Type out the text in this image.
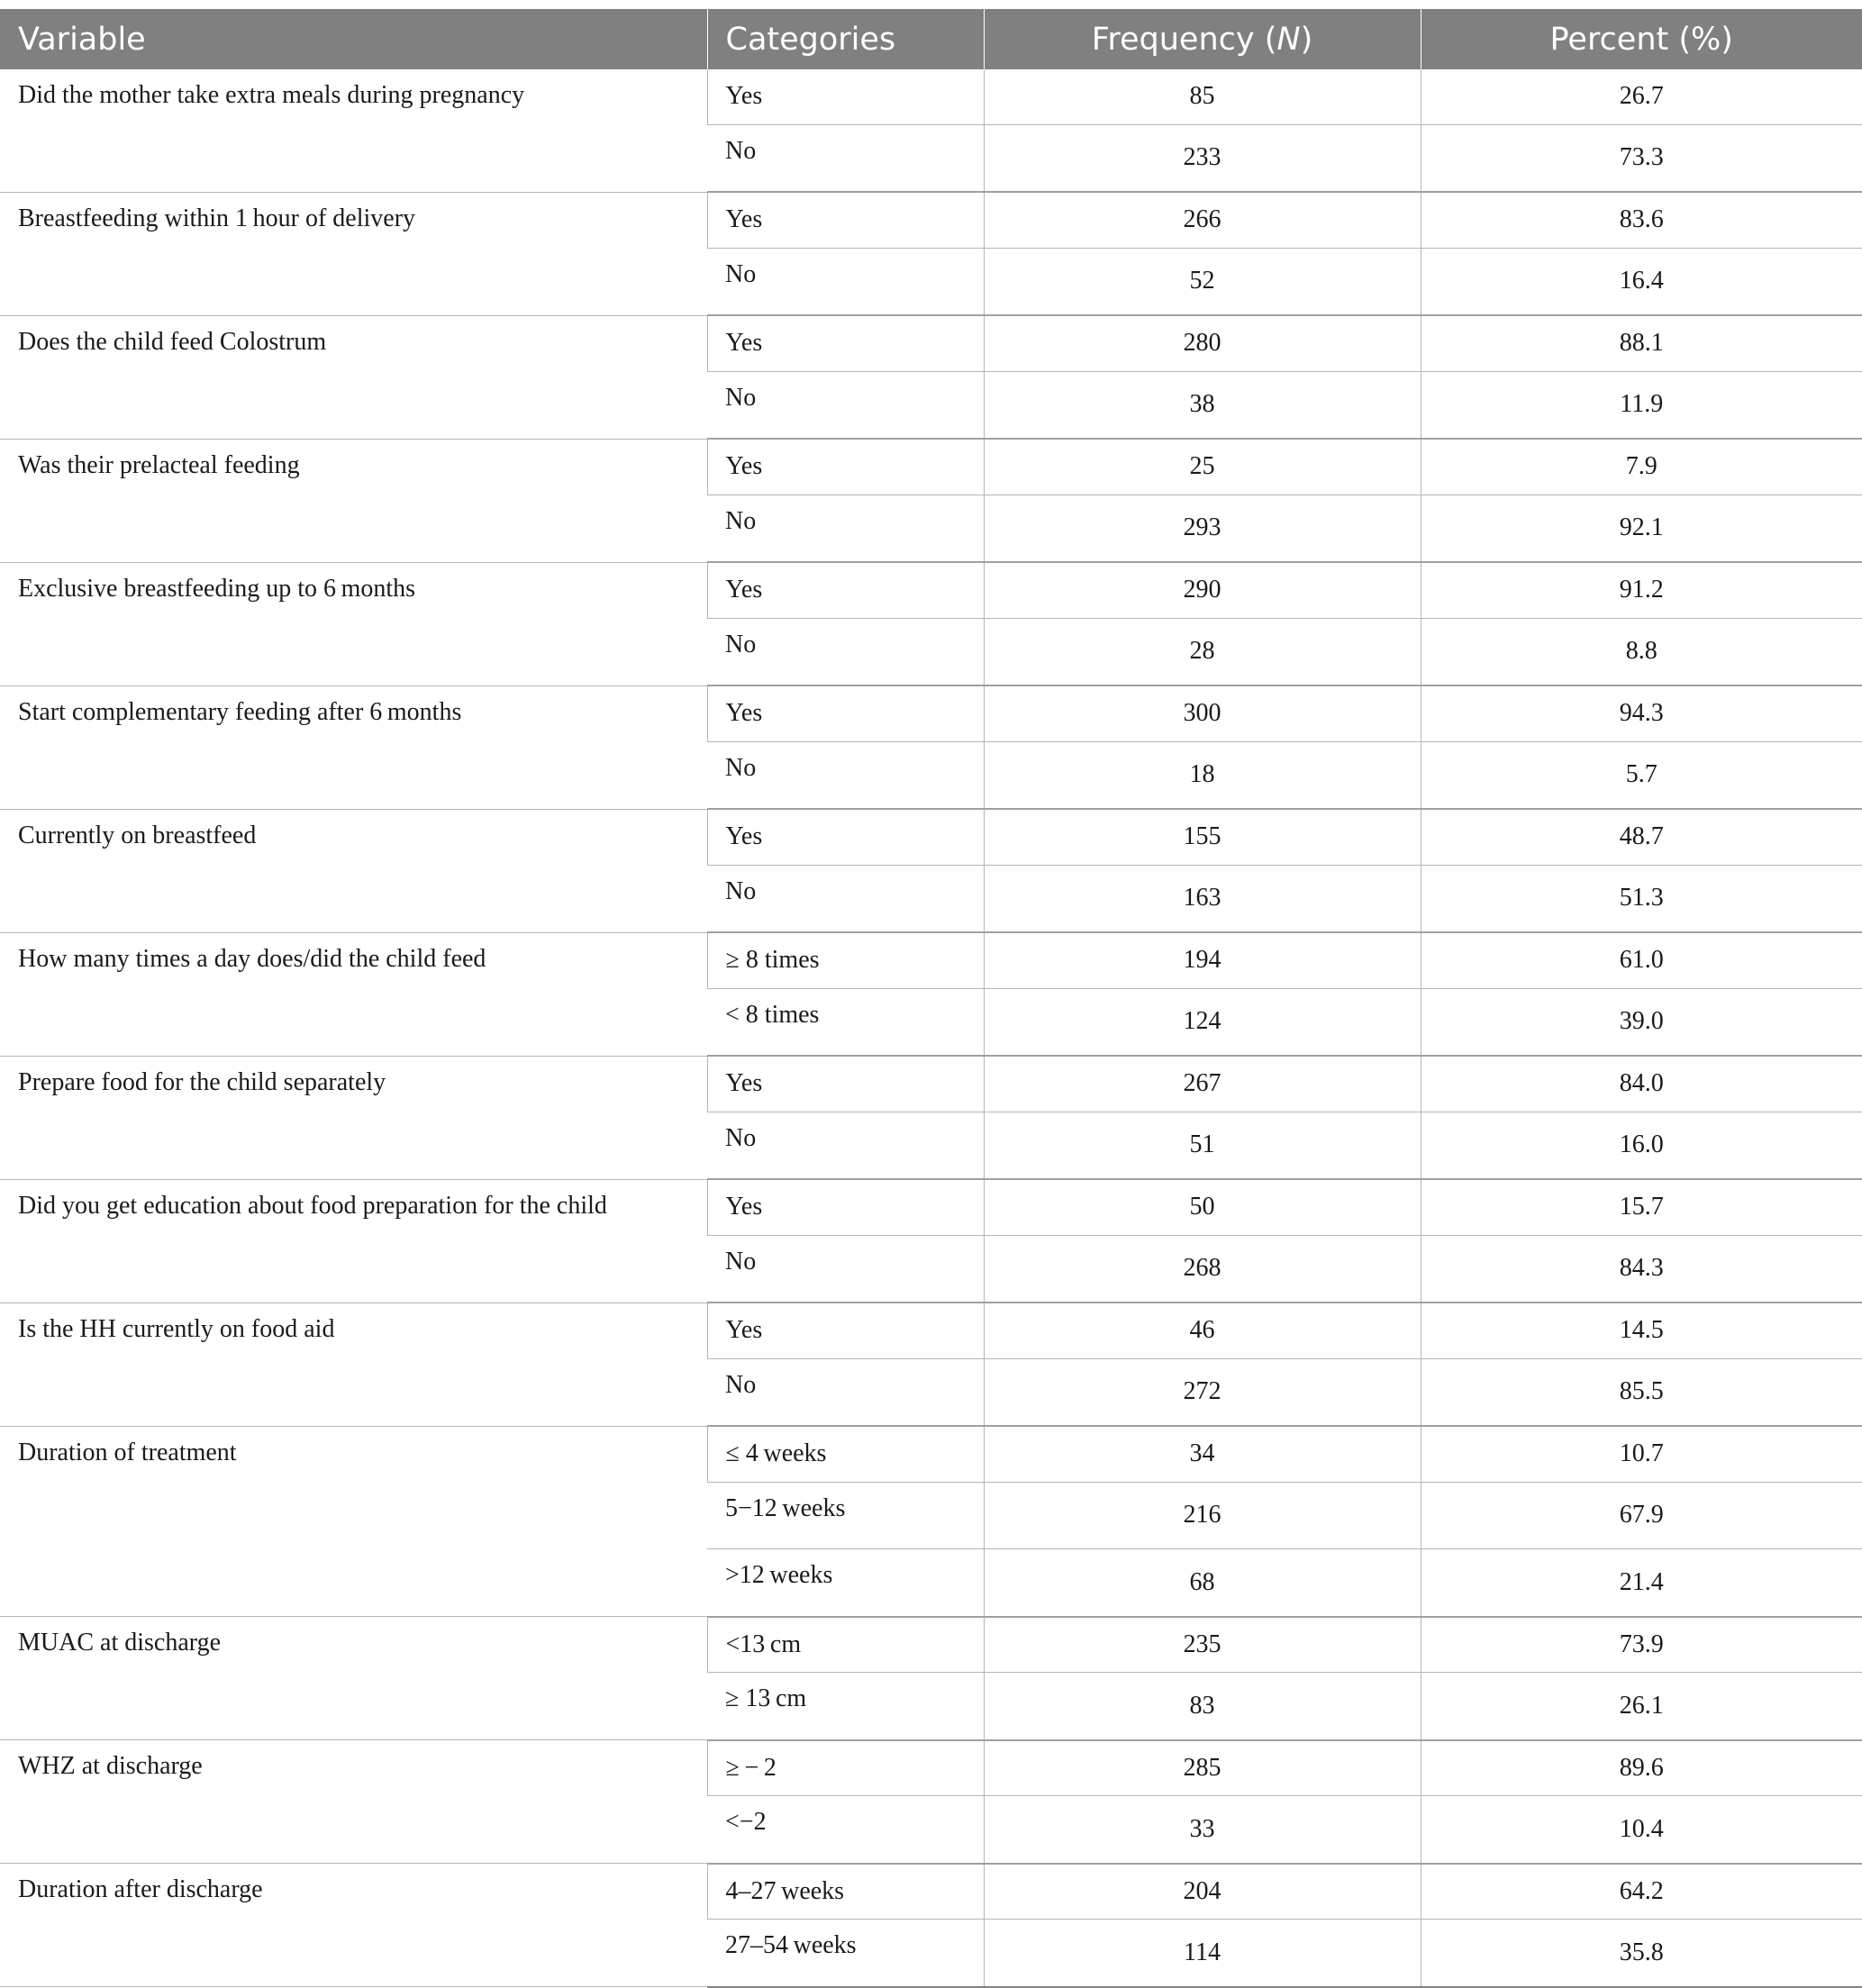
Variable	Categories	Frequency (N)	Percent (%)
Did the mother take extra meals during pregnancy	Yes	85	26.7
	No	233	73.3
Breastfeeding within 1 hour of delivery	Yes	266	83.6
	No	52	16.4
Does the child feed Colostrum	Yes	280	88.1
	No	38	11.9
Was their prelacteal feeding	Yes	25	7.9
	No	293	92.1
Exclusive breastfeeding up to 6 months	Yes	290	91.2
	No	28	8.8
Start complementary feeding after 6 months	Yes	300	94.3
	No	18	5.7
Currently on breastfeed	Yes	155	48.7
	No	163	51.3
How many times a day does/did the child feed	≥ 8 times	194	61.0
	< 8 times	124	39.0
Prepare food for the child separately	Yes	267	84.0
	No	51	16.0
Did you get education about food preparation for the child	Yes	50	15.7
	No	268	84.3
Is the HH currently on food aid	Yes	46	14.5
	No	272	85.5
Duration of treatment	≤ 4 weeks	34	10.7
	5−12 weeks	216	67.9
	>12 weeks	68	21.4
MUAC at discharge	<13 cm	235	73.9
	≥ 13 cm	83	26.1
WHZ at discharge	≥ − 2	285	89.6
	<−2	33	10.4
Duration after discharge	4–27 weeks	204	64.2
	27–54 weeks	114	35.8
